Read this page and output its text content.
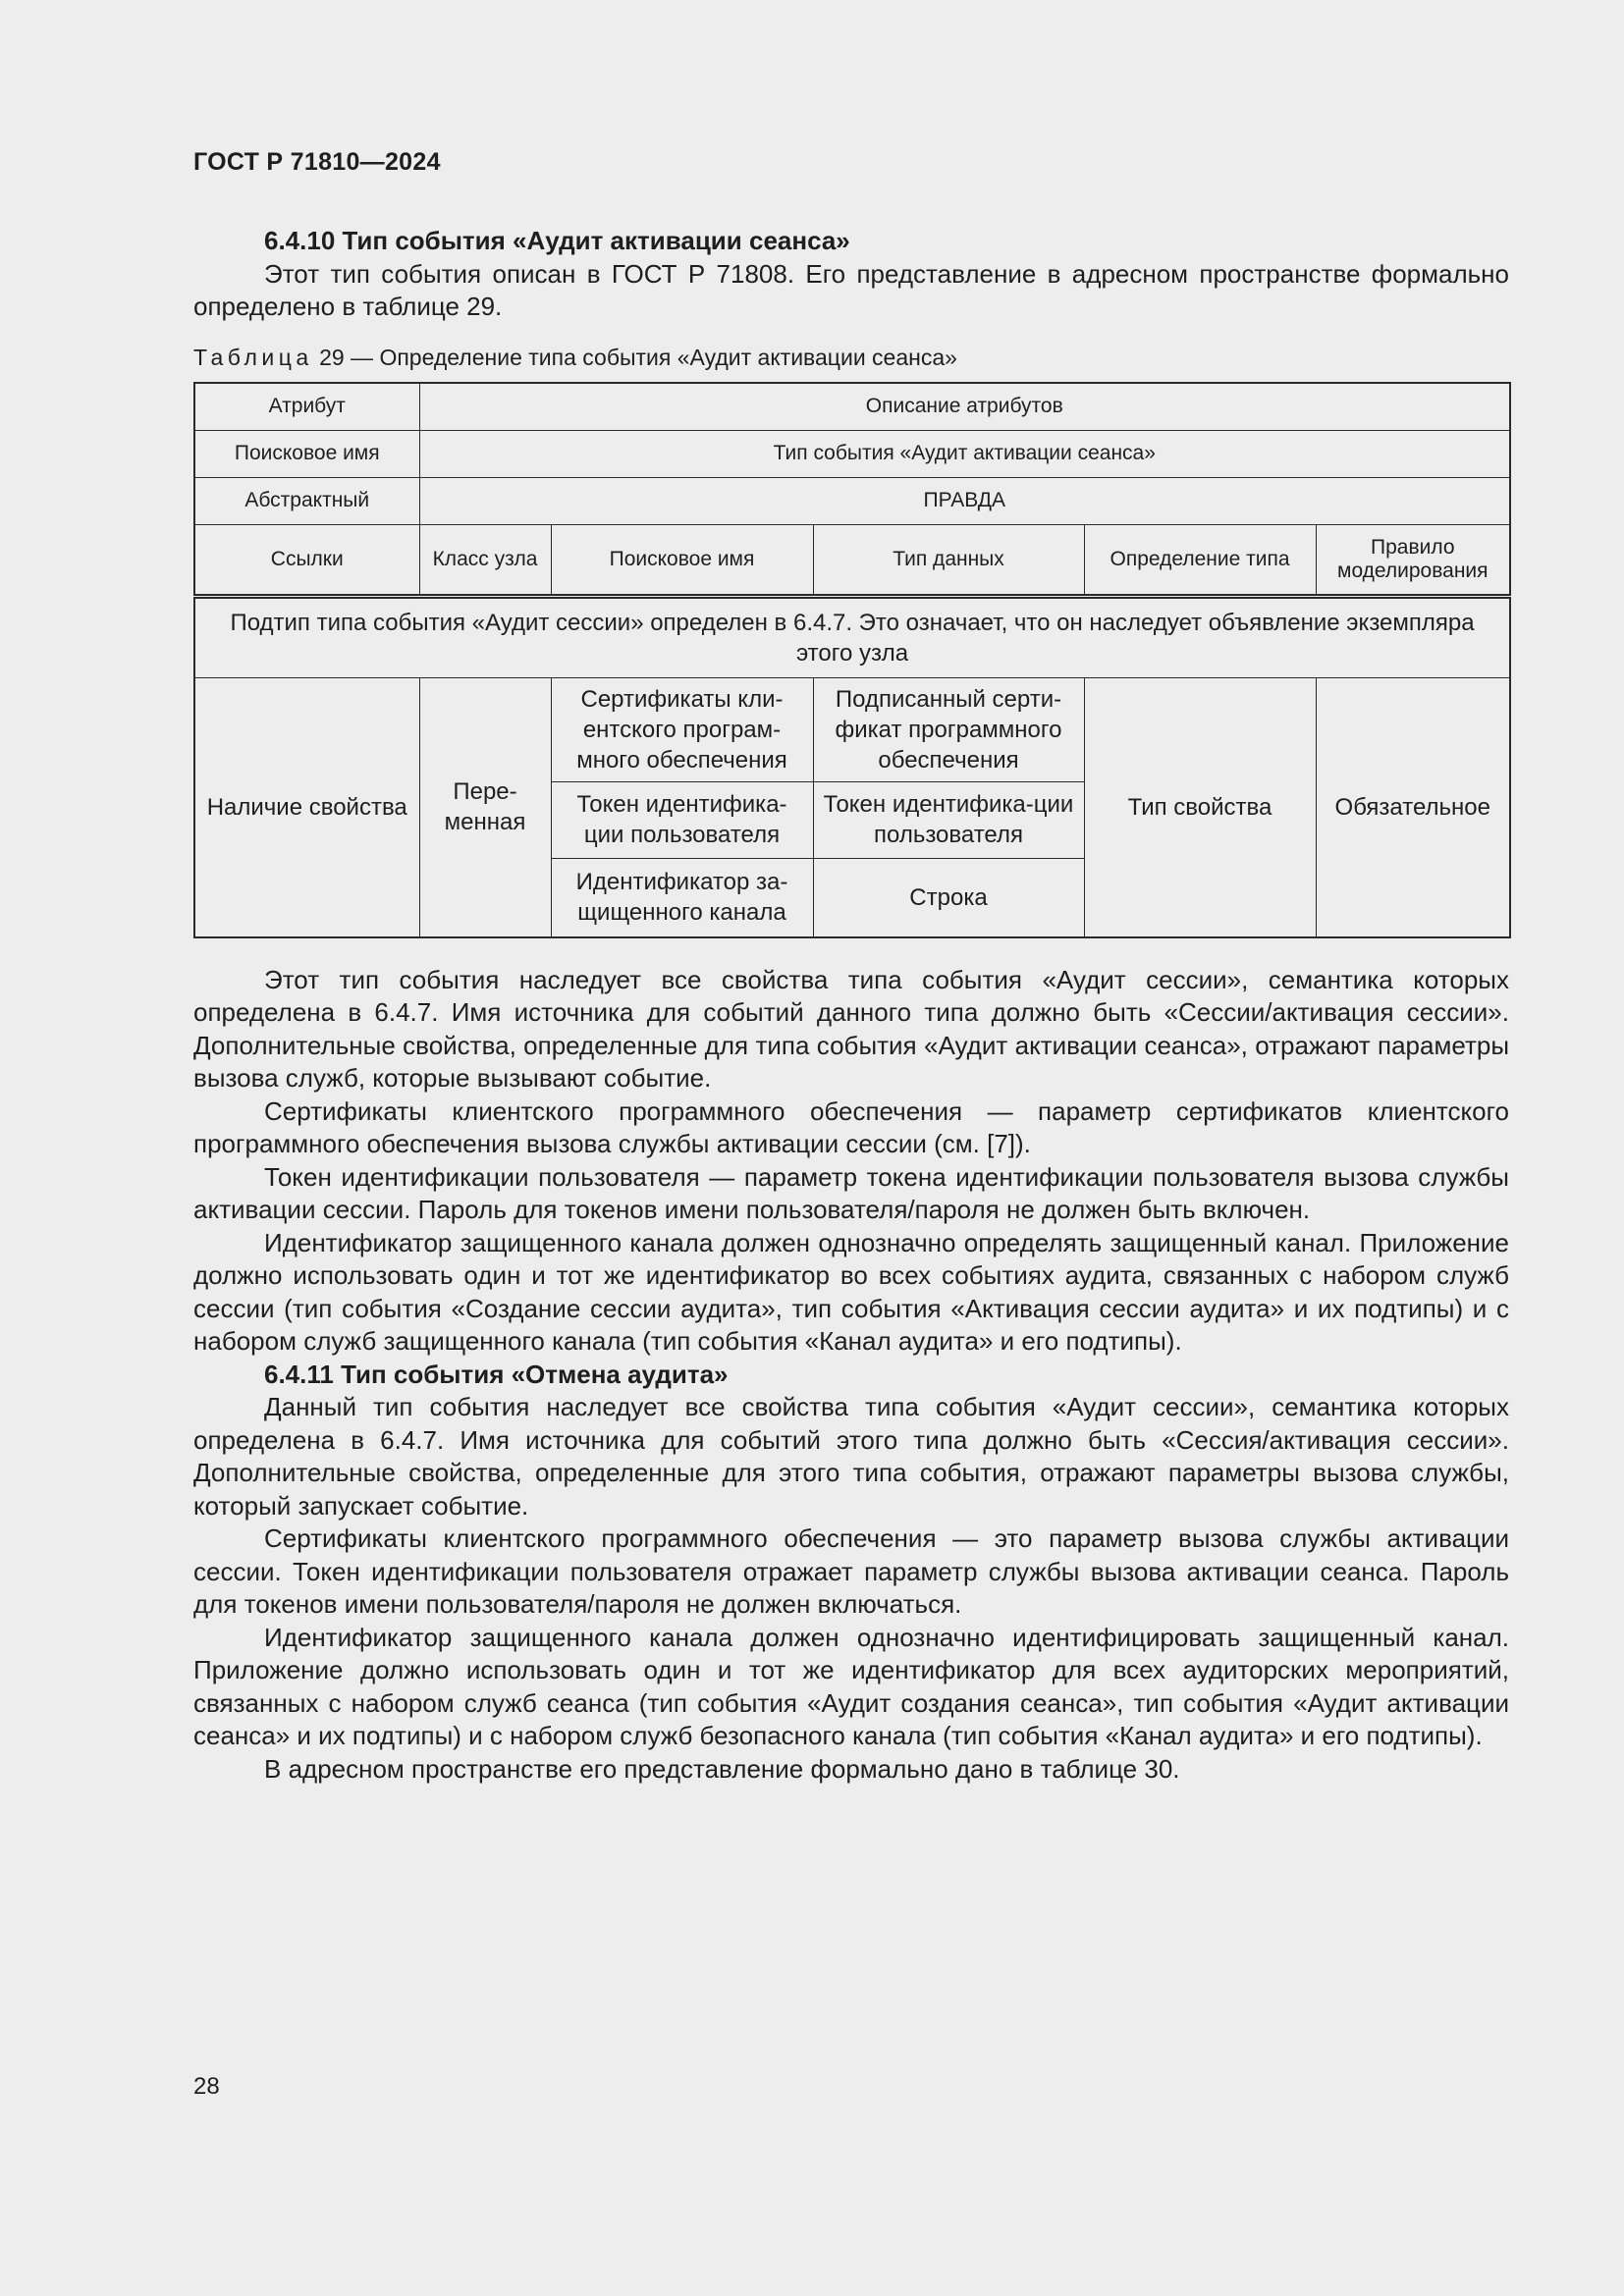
ГОСТ Р 71810—2024

6.4.10 Тип события «Аудит активации сеанса»

Этот тип события описан в ГОСТ Р 71808. Его представление в адресном пространстве формально определено в таблице 29.

Таблица 29 — Определение типа события «Аудит активации сеанса»
Атрибут	Описание атрибутов				
Поисковое имя	Тип события «Аудит активации сеанса»				
Абстрактный	ПРАВДА				
Ссылки	Класс узла	Поисковое имя	Тип данных	Определение типа	Правило моделирования
Подтип типа события «Аудит сессии» определен в 6.4.7. Это означает, что он наследует объявление экземпляра этого узла					
Наличие свойства	Пере-менная	Сертификаты кли-ентского програм-много обеспечения	Подписанный серти-фикат программного обеспечения	Тип свойства	Обязательное
		Токен идентифика-ции пользователя	Токен идентифика-ции пользователя		
		Идентификатор за-щищенного канала	Строка		

Этот тип события наследует все свойства типа события «Аудит сессии», семантика которых определена в 6.4.7. Имя источника для событий данного типа должно быть «Сессии/активация сессии». Дополнительные свойства, определенные для типа события «Аудит активации сеанса», отражают параметры вызова служб, которые вызывают событие.

Сертификаты клиентского программного обеспечения — параметр сертификатов клиентского программного обеспечения вызова службы активации сессии (см. [7]).

Токен идентификации пользователя — параметр токена идентификации пользователя вызова службы активации сессии. Пароль для токенов имени пользователя/пароля не должен быть включен.

Идентификатор защищенного канала должен однозначно определять защищенный канал. Приложение должно использовать один и тот же идентификатор во всех событиях аудита, связанных с набором служб сессии (тип события «Создание сессии аудита», тип события «Активация сессии аудита» и их подтипы) и с набором служб защищенного канала (тип события «Канал аудита» и его подтипы).

6.4.11 Тип события «Отмена аудита»

Данный тип события наследует все свойства типа события «Аудит сессии», семантика которых определена в 6.4.7. Имя источника для событий этого типа должно быть «Сессия/активация сессии». Дополнительные свойства, определенные для этого типа события, отражают параметры вызова службы, который запускает событие.

Сертификаты клиентского программного обеспечения — это параметр вызова службы активации сессии. Токен идентификации пользователя отражает параметр службы вызова активации сеанса. Пароль для токенов имени пользователя/пароля не должен включаться.

Идентификатор защищенного канала должен однозначно идентифицировать защищенный канал. Приложение должно использовать один и тот же идентификатор для всех аудиторских мероприятий, связанных с набором служб сеанса (тип события «Аудит создания сеанса», тип события «Аудит активации сеанса» и их подтипы) и с набором служб безопасного канала (тип события «Канал аудита» и его подтипы).

В адресном пространстве его представление формально дано в таблице 30.

28
